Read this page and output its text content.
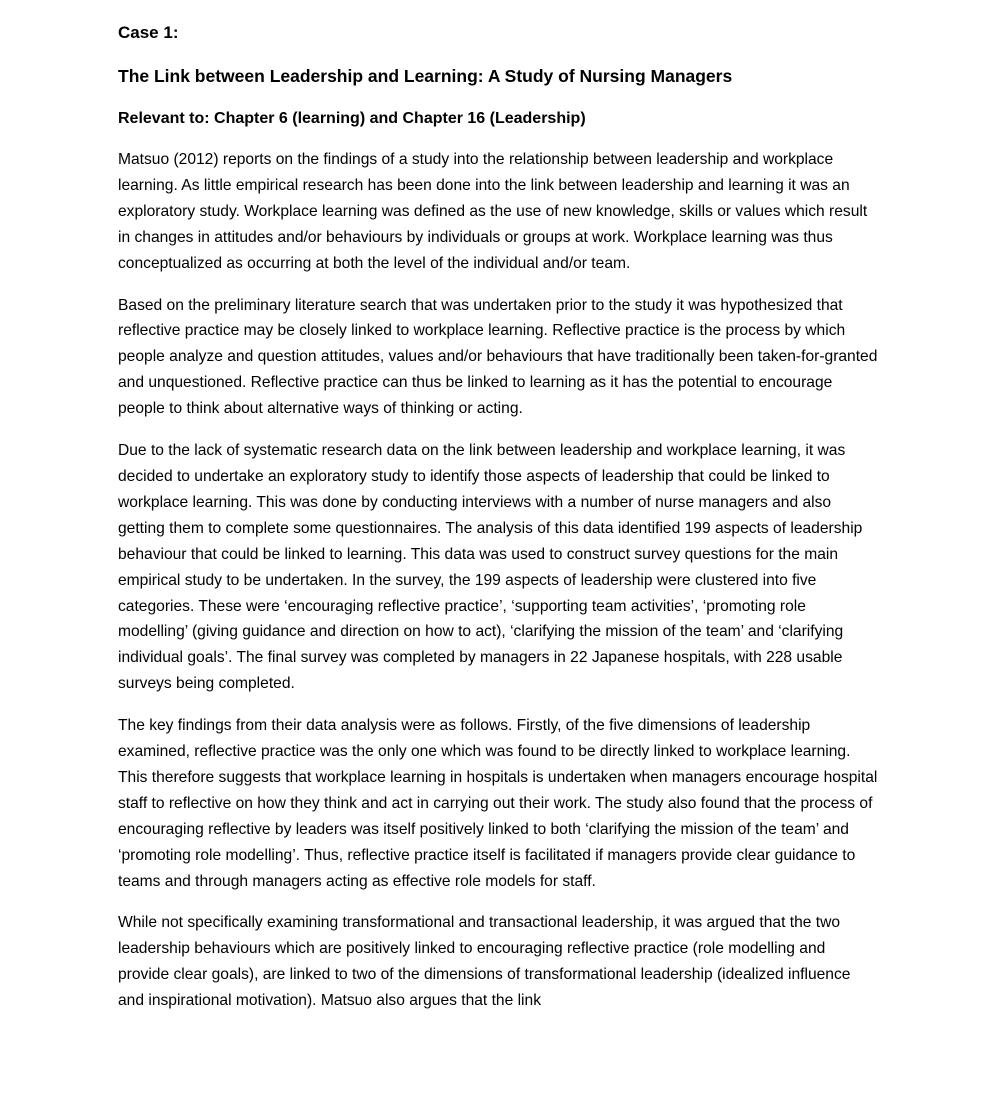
Case 1:
The Link between Leadership and Learning: A Study of Nursing Managers
Relevant to: Chapter 6 (learning) and Chapter 16 (Leadership)

Matsuo (2012) reports on the findings of a study into the relationship between leadership and workplace learning. As little empirical research has been done into the link between leadership and learning it was an exploratory study. Workplace learning was defined as the use of new knowledge, skills or values which result in changes in attitudes and/or behaviours by individuals or groups at work. Workplace learning was thus conceptualized as occurring at both the level of the individual and/or team.

Based on the preliminary literature search that was undertaken prior to the study it was hypothesized that reflective practice may be closely linked to workplace learning. Reflective practice is the process by which people analyze and question attitudes, values and/or behaviours that have traditionally been taken-for-granted and unquestioned. Reflective practice can thus be linked to learning as it has the potential to encourage people to think about alternative ways of thinking or acting.

Due to the lack of systematic research data on the link between leadership and workplace learning, it was decided to undertake an exploratory study to identify those aspects of leadership that could be linked to workplace learning. This was done by conducting interviews with a number of nurse managers and also getting them to complete some questionnaires. The analysis of this data identified 199 aspects of leadership behaviour that could be linked to learning. This data was used to construct survey questions for the main empirical study to be undertaken. In the survey, the 199 aspects of leadership were clustered into five categories. These were ‘encouraging reflective practice’, ‘supporting team activities’, ‘promoting role modelling’ (giving guidance and direction on how to act), ‘clarifying the mission of the team’ and ‘clarifying individual goals’. The final survey was completed by managers in 22 Japanese hospitals, with 228 usable surveys being completed.

The key findings from their data analysis were as follows. Firstly, of the five dimensions of leadership examined, reflective practice was the only one which was found to be directly linked to workplace learning. This therefore suggests that workplace learning in hospitals is undertaken when managers encourage hospital staff to reflective on how they think and act in carrying out their work. The study also found that the process of encouraging reflective by leaders was itself positively linked to both ‘clarifying the mission of the team’ and ‘promoting role modelling’. Thus, reflective practice itself is facilitated if managers provide clear guidance to teams and through managers acting as effective role models for staff.

While not specifically examining transformational and transactional leadership, it was argued that the two leadership behaviours which are positively linked to encouraging reflective practice (role modelling and provide clear goals), are linked to two of the dimensions of transformational leadership (idealized influence and inspirational motivation). Matsuo also argues that the link
